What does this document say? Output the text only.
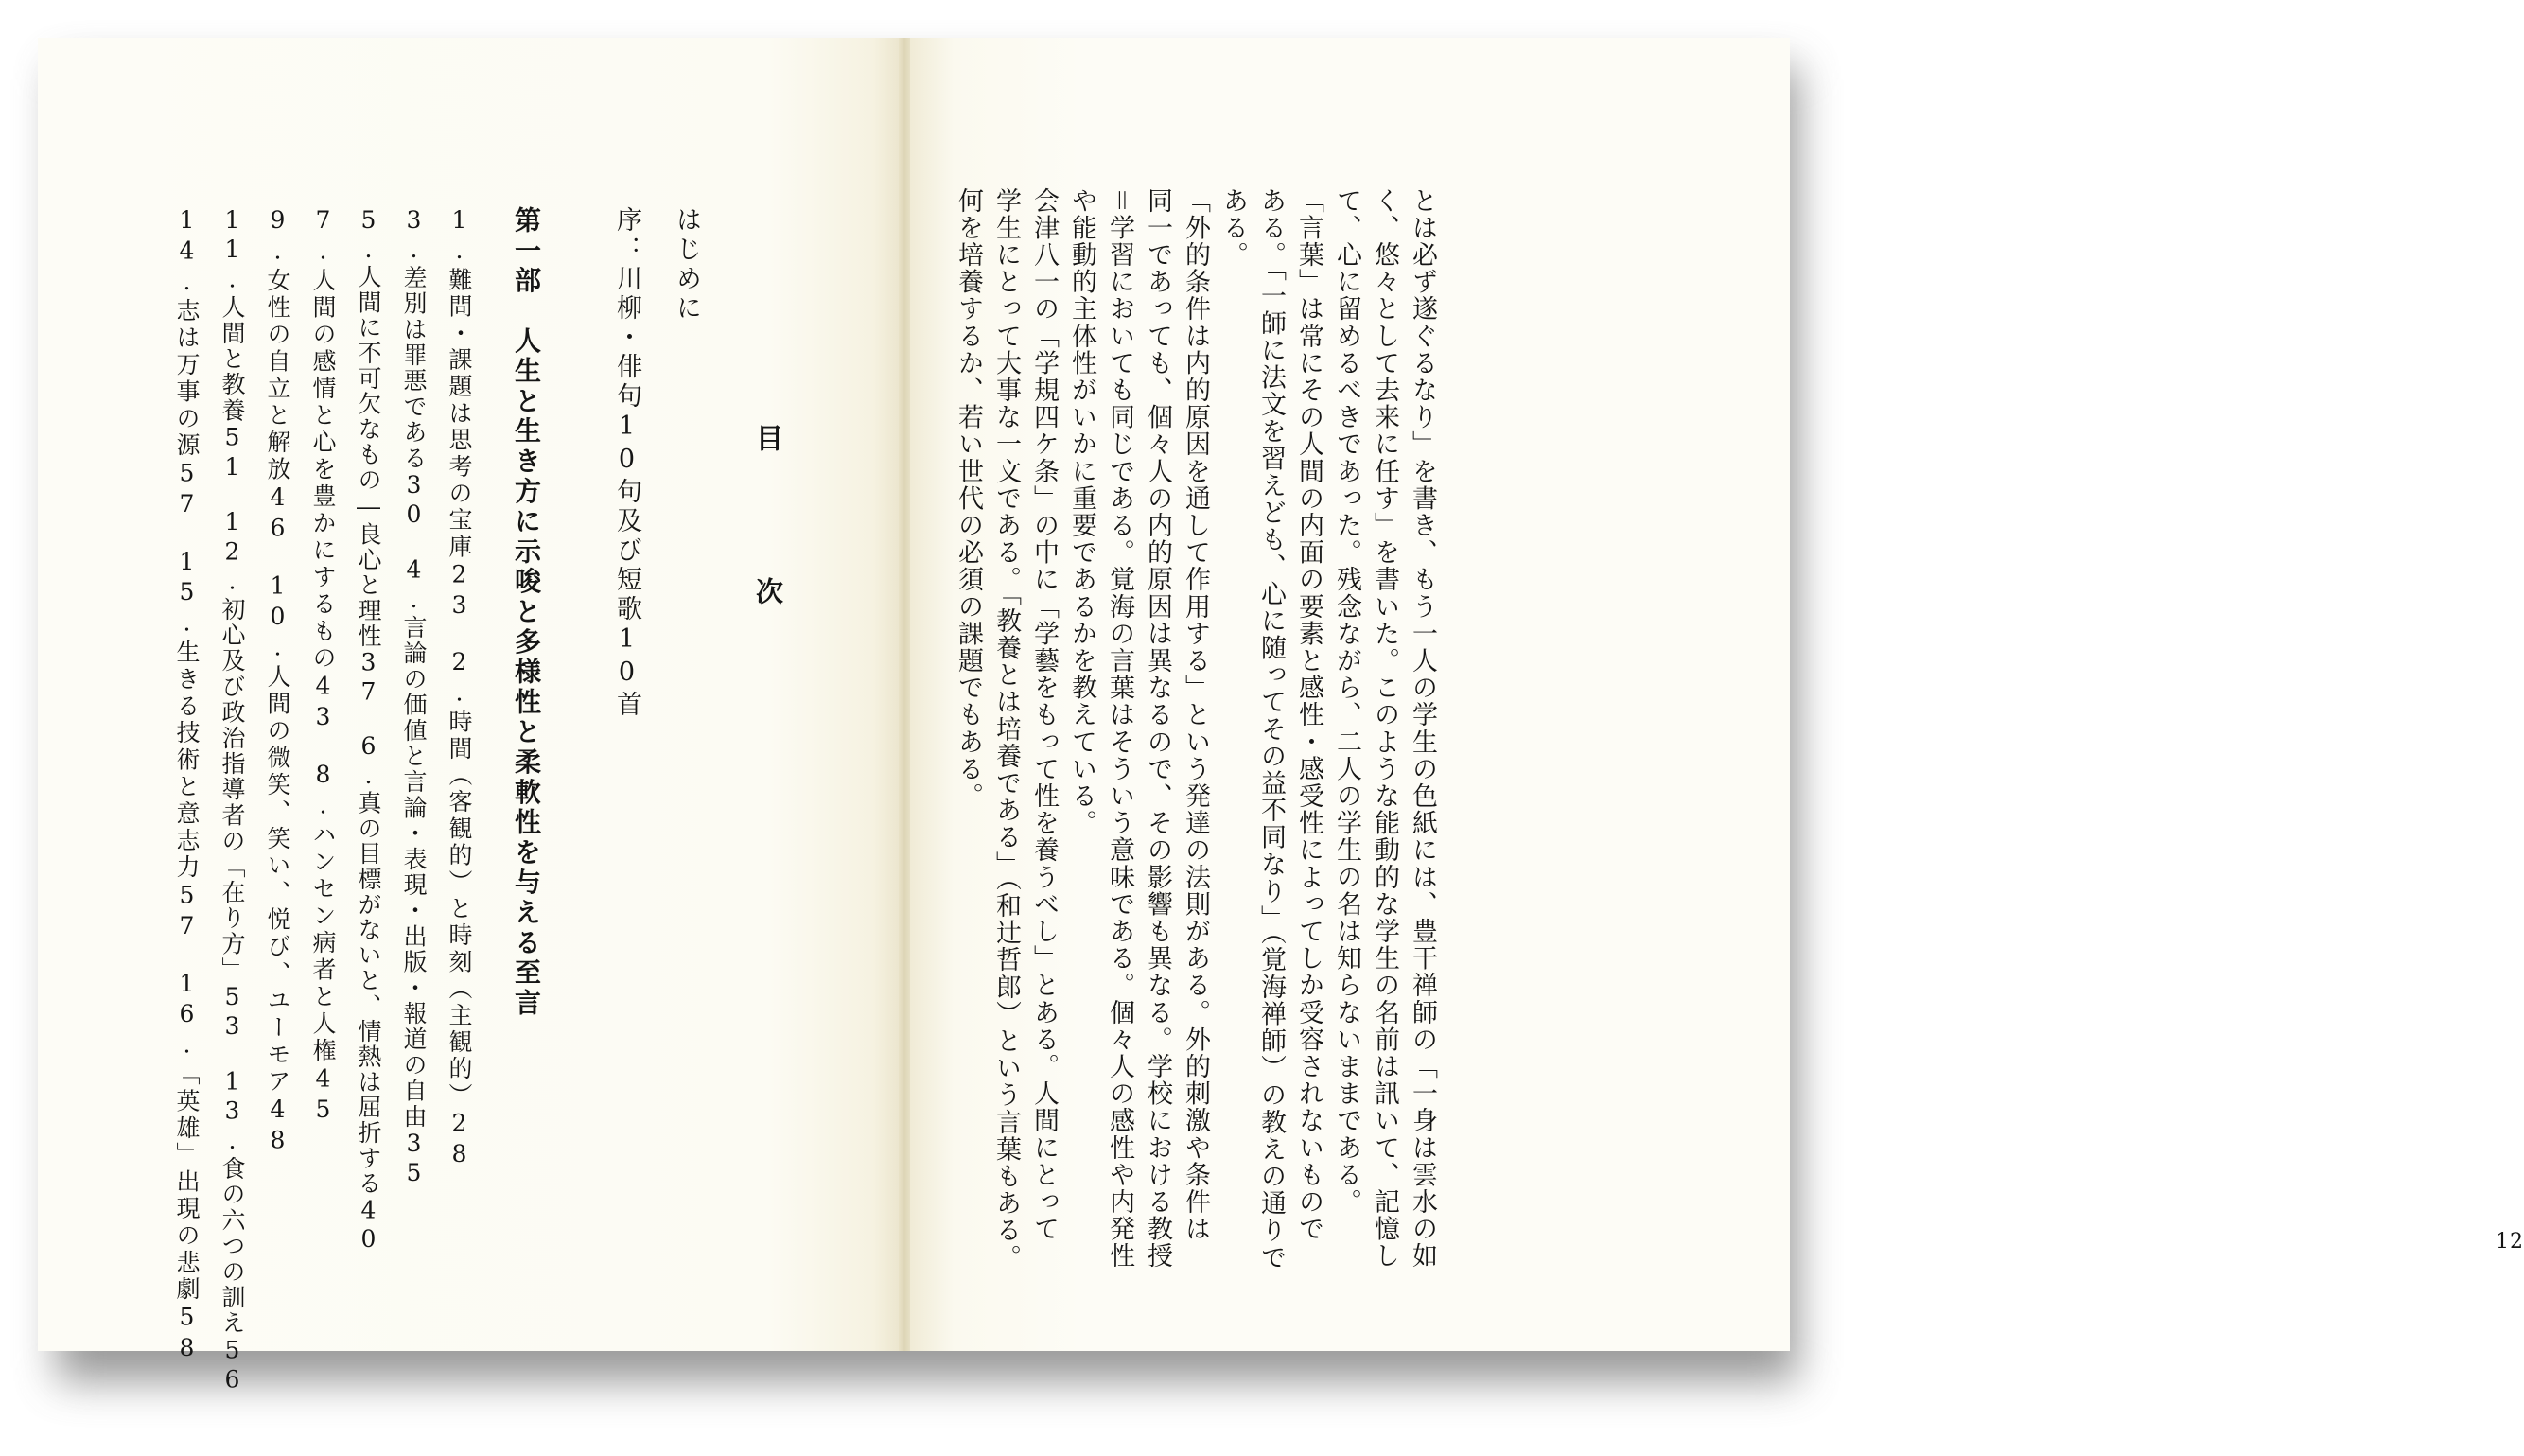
目　次
はじめに
序：川柳・俳句10句及び短歌10首
第一部　人生と生き方に示唆と多様性と柔軟性を与える至言
1.難問・課題は思考の宝庫23　2.時間（客観的）と時刻（主観的）28
3.差別は罪悪である30　4.言論の価値と言論・表現・出版・報道の自由35
5.人間に不可欠なもの―良心と理性37　6.真の目標がないと、情熱は屈折する40
7.人間の感情と心を豊かにするもの43　8.ハンセン病者と人権45
9.女性の自立と解放46　10.人間の微笑、笑い、悦び、ユーモア48
11.人間と教養51　12.初心及び政治指導者の「在り方」53　13.食の六つの訓え56
14.志は万事の源57　15.生きる技術と意志力57　16.「英雄」出現の悲劇58	とは必ず遂ぐるなり」を書き、もう一人の学生の色紙には、豊干禅師の「一身は雲水の如
く、悠々として去来に任す」を書いた。このような能動的な学生の名前は訊いて、記憶し
て、心に留めるべきであった。残念ながら、二人の学生の名は知らないままである。
「言葉」は常にその人間の内面の要素と感性・感受性によってしか受容されないもので
ある。「一師に法文を習えども、心に随ってその益不同なり」（覚海禅師）の教えの通りで
ある。
「外的条件は内的原因を通して作用する」という発達の法則がある。外的刺激や条件は
同一であっても、個々人の内的原因は異なるので、その影響も異なる。学校における教授
＝学習においても同じである。覚海の言葉はそういう意味である。個々人の感性や内発性
や能動的主体性がいかに重要であるかを教えている。
会津八一の「学規四ケ条」の中に「学藝をもって性を養うべし」とある。人間にとって
学生にとって大事な一文である。「教養とは培養である」（和辻哲郎）という言葉もある。
何を培養するか、若い世代の必須の課題でもある。
12
